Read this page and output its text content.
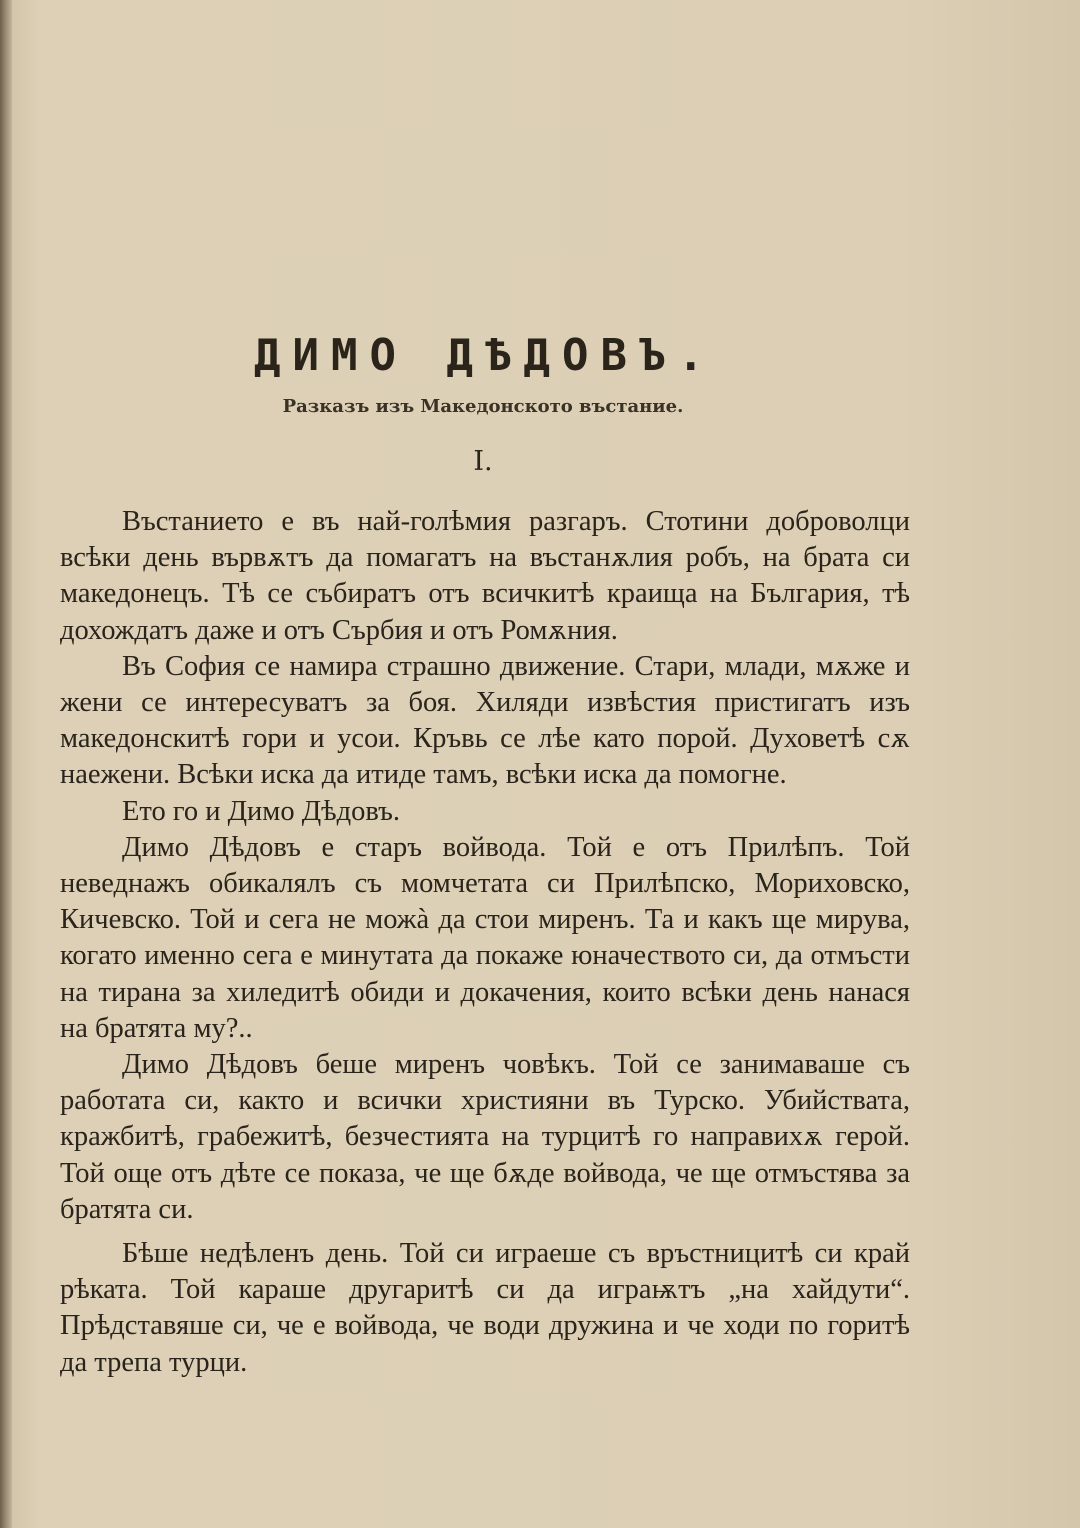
ДИМО ДѢДОВЪ.
Разказъ изъ Македонското въстание.
I.

Въстанието е въ най-голѣмия разгаръ. Стотини доброволци всѣки день вървѫтъ да помагатъ на въстанѫлия робъ, на брата си македонецъ. Тѣ се събиратъ отъ всичкитѣ краища на България, тѣ дохождатъ даже и отъ Сърбия и отъ Ромѫния.

Въ София се намира страшно движение. Стари, млади, мѫже и жени се интересуватъ за боя. Хиляди извѣстия пристигатъ изъ македонскитѣ гори и усои. Кръвь се лѣе като порой. Духоветѣ сѫ наежени. Всѣки иска да итиде тамъ, всѣки иска да помогне.

Ето го и Димо Дѣдовъ.

Димо Дѣдовъ е старъ войвода. Той е отъ Прилѣпъ. Той неведнажъ обикалялъ съ момчетата си Прилѣпско, Мориховско, Кичевско. Той и сега не можà да стои миренъ. Та и какъ ще мирува, когато именно сега е минутата да покаже юначеството си, да отмъсти на тирана за хиледитѣ обиди и докачения, които всѣки день нанася на братята му?..

Димо Дѣдовъ беше миренъ човѣкъ. Той се занимаваше съ работата си, както и всички християни въ Турско. Убийствата, кражбитѣ, грабежитѣ, безчестията на турцитѣ го направихѫ герой. Той още отъ дѣте се показа, че ще бѫде войвода, че ще отмъстява за братята си.

Бѣше недѣленъ день. Той си играеше съ връстницитѣ си край рѣката. Той караше другаритѣ си да играѭтъ „на хайдути“. Прѣдставяше си, че е войвода, че води дружина и че ходи по горитѣ да трепа турци.
